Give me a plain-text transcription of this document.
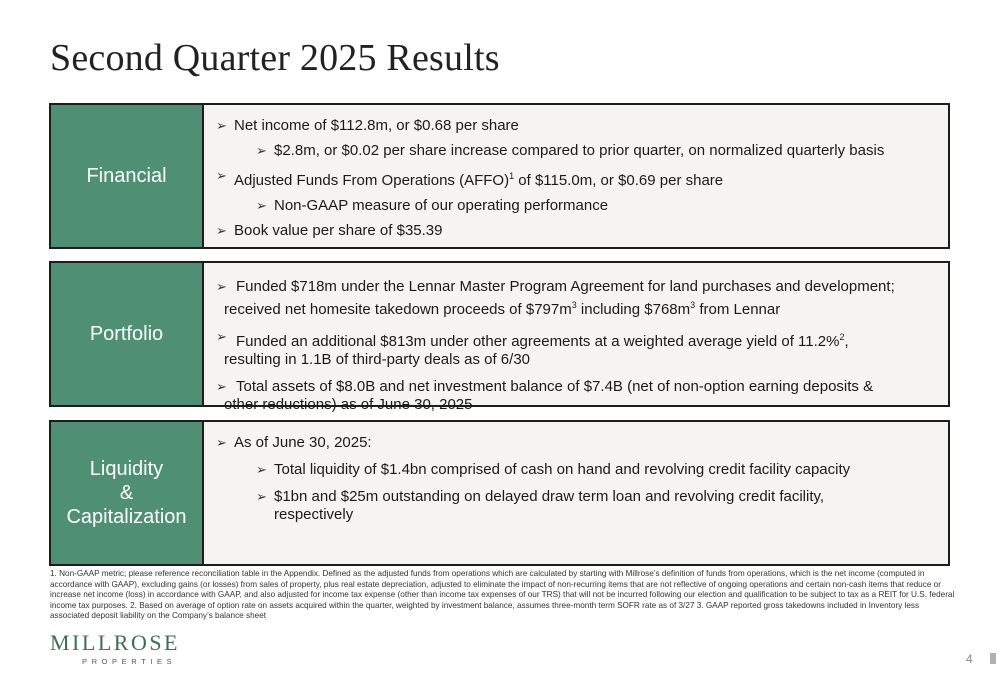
Second Quarter 2025 Results
Financial
➢ Net income of $112.8m, or $0.68 per share
➢ $2.8m, or $0.02 per share increase compared to prior quarter, on normalized quarterly basis
➢ Adjusted Funds From Operations (AFFO)$^1$ of $115.0m, or $0.69 per share
➢ Non-GAAP measure of our operating performance
➢ Book value per share of $35.39
Portfolio
➢ Funded $718m under the Lennar Master Program Agreement for land purchases and development;
received net homesite takedown proceeds of $\$797m^3$ including $\$768m^3$ from Lennar
➢ Funded an additional $813m under other agreements at a weighted average yield of 11.2%$^2$,
resulting in 1.1B of third-party deals as of 6/30
➢ Total assets of $8.0B and net investment balance of $7.4B (net of non-option earning deposits &
other reductions) as of June 30, 2025
Liquidity
&
Capitalization
➢ As of June 30, 2025:
➢ Total liquidity of $1.4bn comprised of cash on hand and revolving credit facility capacity
➢ $1bn and $25m outstanding on delayed draw term loan and revolving credit facility,
respectively
1. Non-GAAP metric; please reference reconciliation table in the Appendix. Defined as the adjusted funds from operations which are calculated by starting with Millrose’s definition of funds from operations, which is the net income (computed in accordance with GAAP), excluding gains (or losses) from sales of property, plus real estate depreciation, adjusted to eliminate the impact of non-recurring items that are not reflective of ongoing operations and certain non-cash items that reduce or increase net income (loss) in accordance with GAAP, and also adjusted for income tax expense (other than income tax expenses of our TRS) that will not be incurred following our election and qualification to be subject to tax as a REIT for U.S. federal income tax purposes. 2. Based on average of option rate on assets acquired within the quarter, weighted by investment balance, assumes three-month term SOFR rate as of 3/27 3. GAAP reported gross takedowns included in Inventory less associated deposit liability on the Company’s balance sheet
MILLROSE
PROPERTIES	4
